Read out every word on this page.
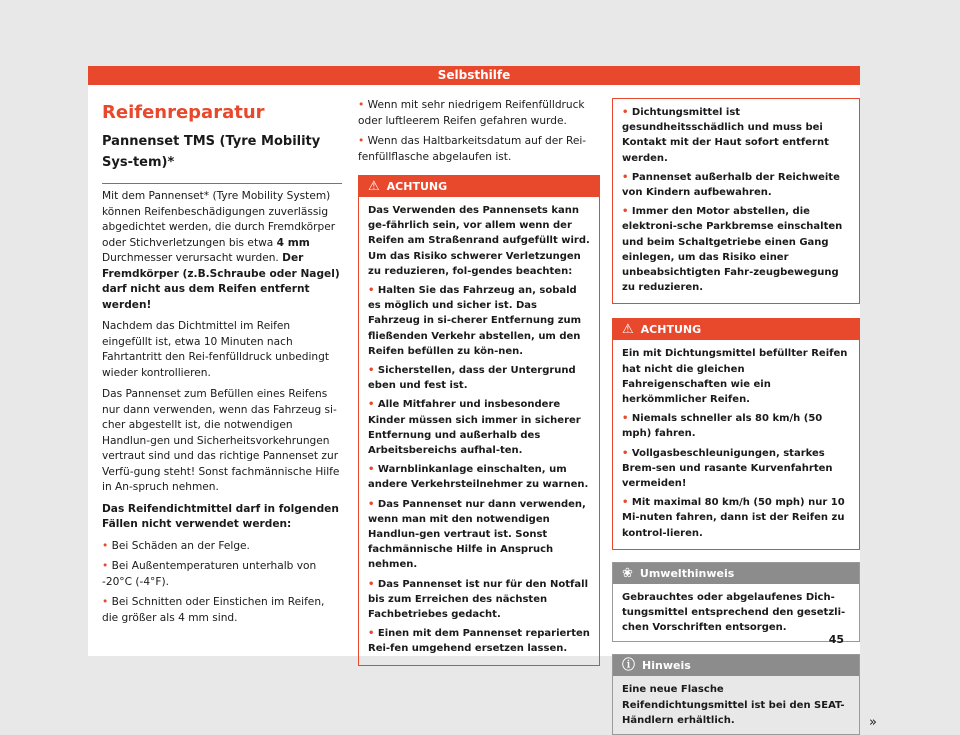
Selbsthilfe
Reifenreparatur
Pannenset TMS (Tyre Mobility Sys-tem)*

Mit dem Pannenset* (Tyre Mobility System) können Reifenbeschädigungen zuverlässig abgedichtet werden, die durch Fremdkörper oder Stichverletzungen bis etwa 4 mm Durchmesser verursacht wurden. Der Fremdkörper (z.B.Schraube oder Nagel) darf nicht aus dem Reifen entfernt werden!

Nachdem das Dichtmittel im Reifen eingefüllt ist, etwa 10 Minuten nach Fahrtantritt den Rei-fenfülldruck unbedingt wieder kontrollieren.

Das Pannenset zum Befüllen eines Reifens nur dann verwenden, wenn das Fahrzeug si-cher abgestellt ist, die notwendigen Handlun-gen und Sicherheitsvorkehrungen vertraut sind und das richtige Pannenset zur Verfü-gung steht! Sonst fachmännische Hilfe in An-spruch nehmen.

Das Reifendichtmittel darf in folgenden Fällen nicht verwendet werden:

• Bei Schäden an der Felge.
• Bei Außentemperaturen unterhalb von -20°C (-4°F).
• Bei Schnitten oder Einstichen im Reifen, die größer als 4 mm sind.
• Wenn mit sehr niedrigem Reifenfülldruck oder luftleerem Reifen gefahren wurde.
• Wenn das Haltbarkeitsdatum auf der Rei-fenfüllflasche abgelaufen ist.
⚠ ACHTUNG

Das Verwenden des Pannensets kann ge-fährlich sein, vor allem wenn der Reifen am Straßenrand aufgefüllt wird. Um das Risiko schwerer Verletzungen zu reduzieren, fol-gendes beachten:

• Halten Sie das Fahrzeug an, sobald es möglich und sicher ist. Das Fahrzeug in si-cherer Entfernung zum fließenden Verkehr abstellen, um den Reifen befüllen zu kön-nen.
• Sicherstellen, dass der Untergrund eben und fest ist.
• Alle Mitfahrer und insbesondere Kinder müssen sich immer in sicherer Entfernung und außerhalb des Arbeitsbereichs aufhal-ten.
• Warnblinkanlage einschalten, um andere Verkehrsteilnehmer zu warnen.
• Das Pannenset nur dann verwenden, wenn man mit den notwendigen Handlun-gen vertraut ist. Sonst fachmännische Hilfe in Anspruch nehmen.
• Das Pannenset ist nur für den Notfall bis zum Erreichen des nächsten Fachbetriebes gedacht.
• Einen mit dem Pannenset reparierten Rei-fen umgehend ersetzen lassen.
• Dichtungsmittel ist gesundheitsschädlich und muss bei Kontakt mit der Haut sofort entfernt werden.
• Pannenset außerhalb der Reichweite von Kindern aufbewahren.
• Immer den Motor abstellen, die elektroni-sche Parkbremse einschalten und beim Schaltgetriebe einen Gang einlegen, um das Risiko einer unbeabsichtigten Fahr-zeugbewegung zu reduzieren.
⚠ ACHTUNG

Ein mit Dichtungsmittel befüllter Reifen hat nicht die gleichen Fahreigenschaften wie ein herkömmlicher Reifen.

• Niemals schneller als 80 km/h (50 mph) fahren.
• Vollgasbeschleunigungen, starkes Brem-sen und rasante Kurvenfahrten vermeiden!
• Mit maximal 80 km/h (50 mph) nur 10 Mi-nuten fahren, dann ist der Reifen zu kontrol-lieren.
❀ Umwelthinweis
Gebrauchtes oder abgelaufenes Dich-tungsmittel entsprechend den gesetzli-chen Vorschriften entsorgen.
ⓘ Hinweis
Eine neue Flasche Reifendichtungsmittel ist bei den SEAT-Händlern erhältlich.	»
45
